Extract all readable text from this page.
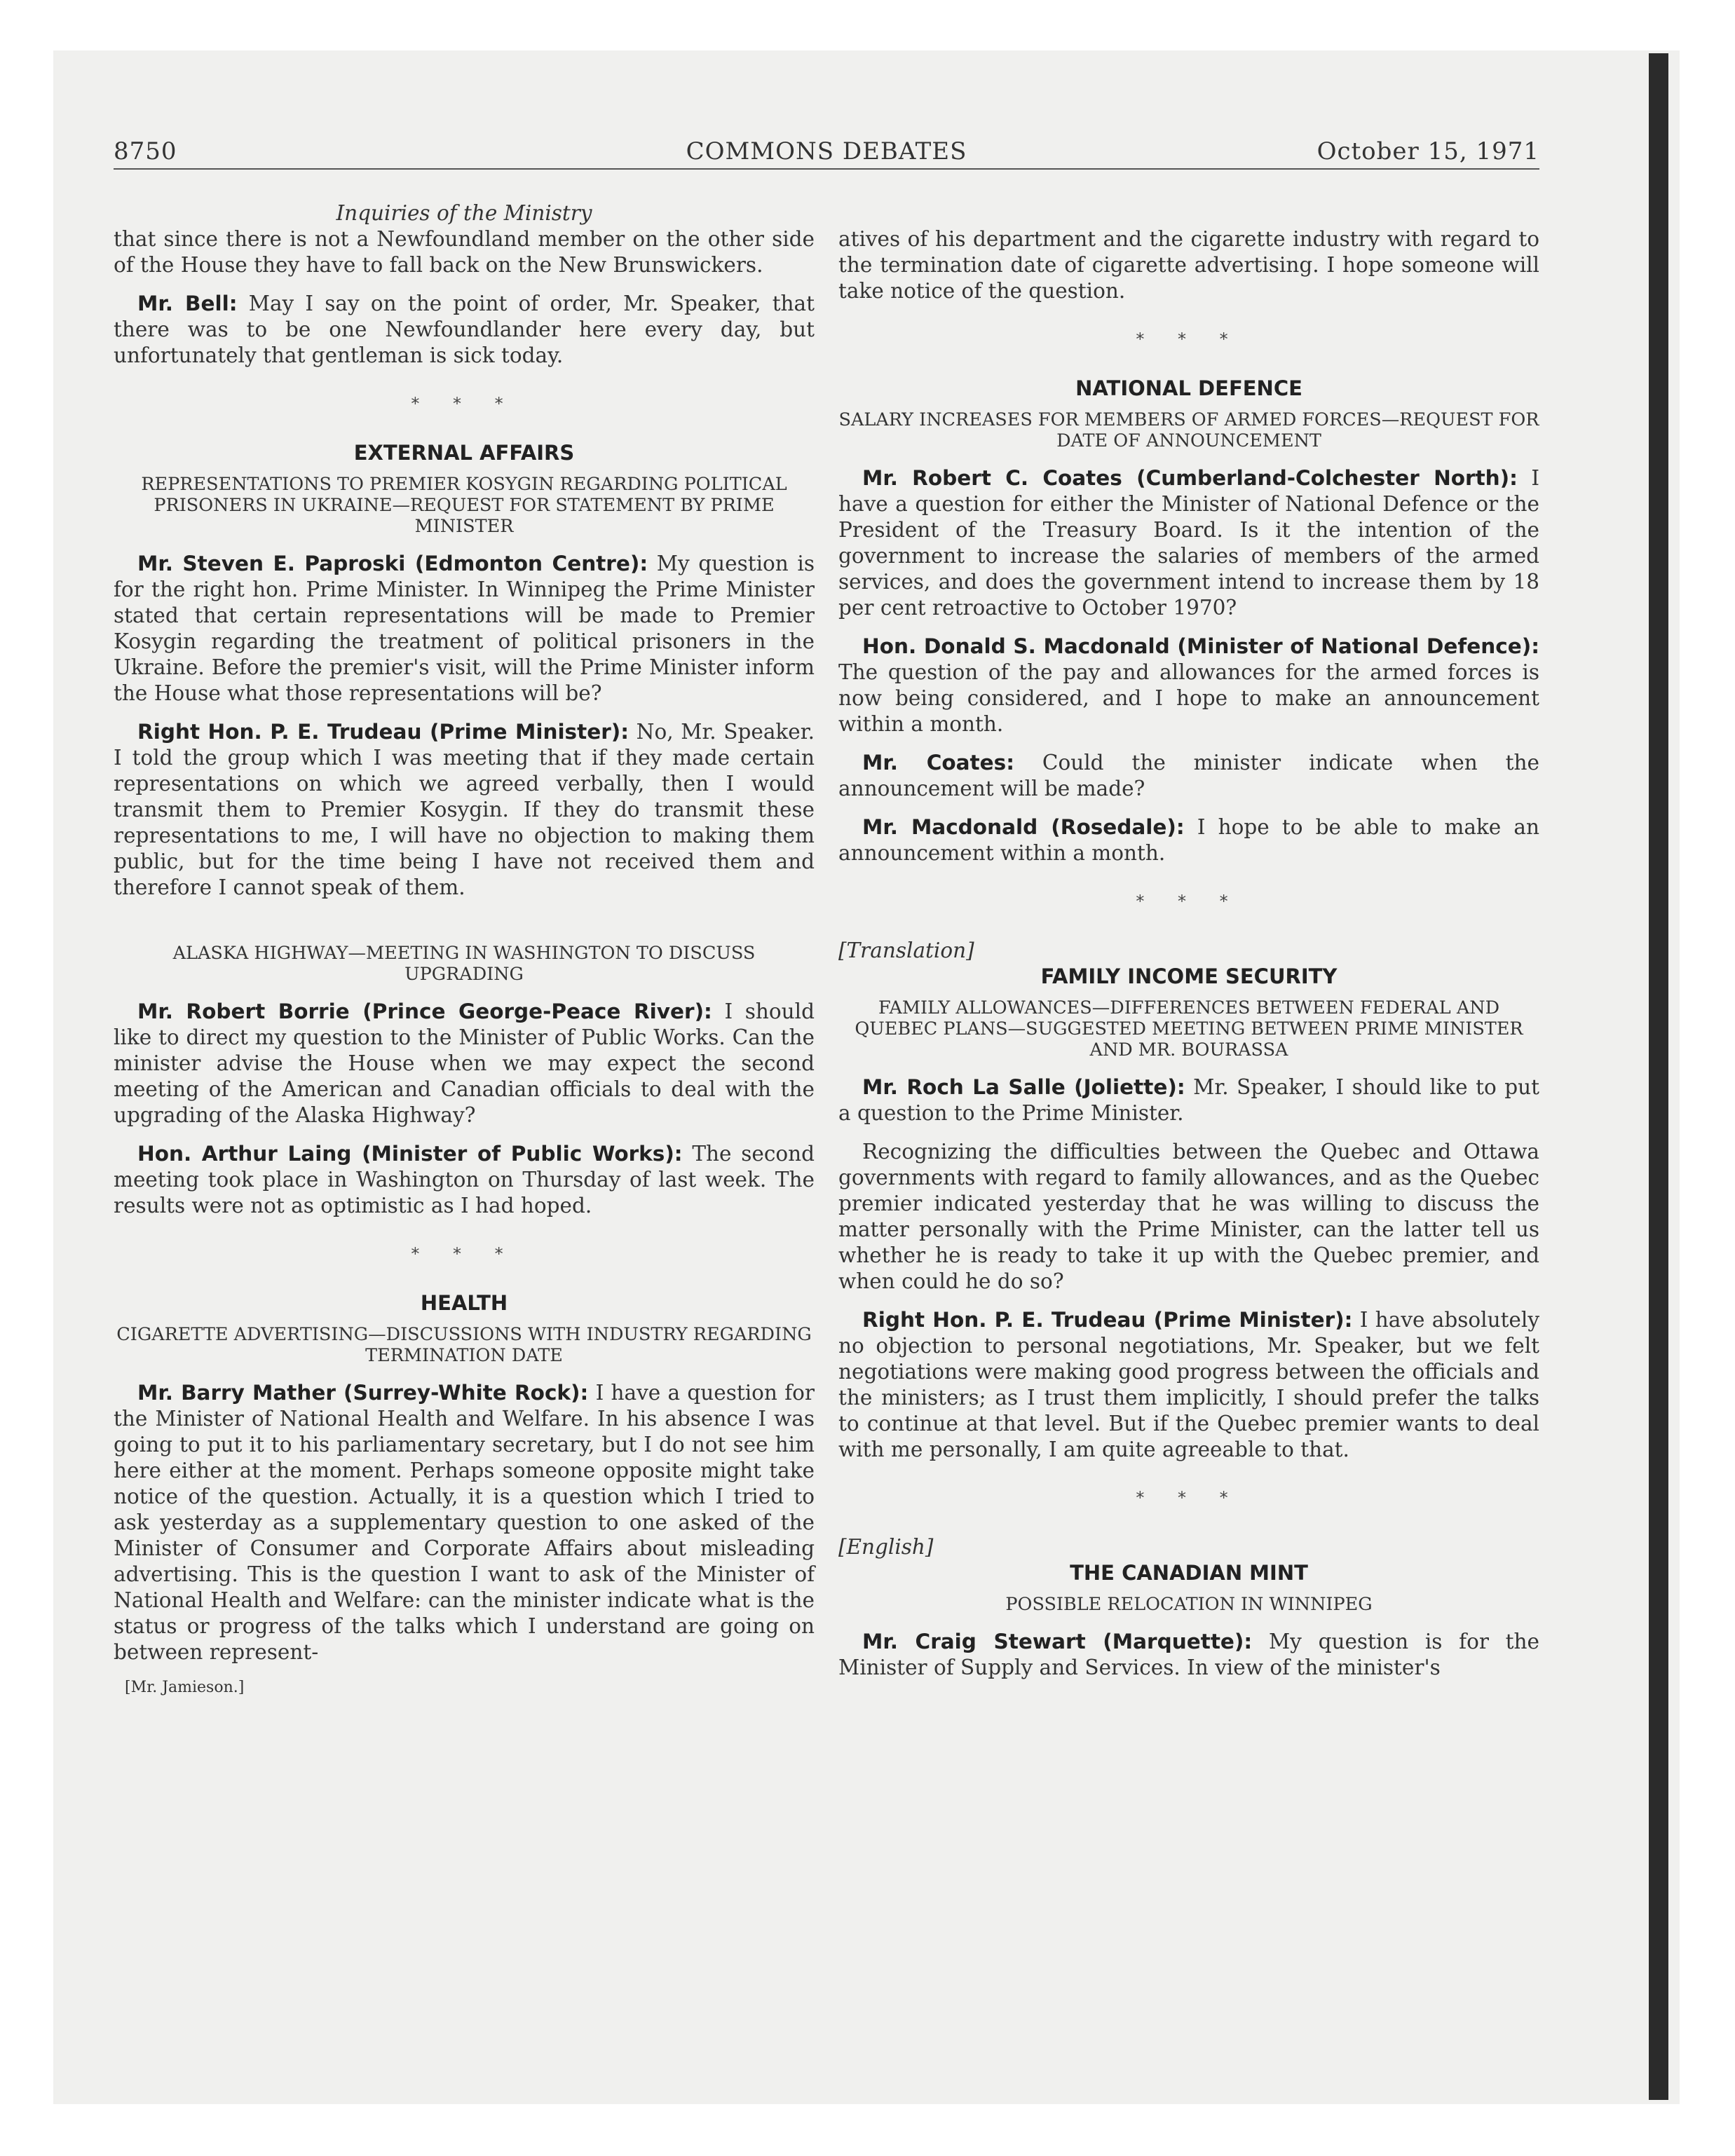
8750	COMMONS DEBATES	October 15, 1971
Inquiries of the Ministry

that since there is not a Newfoundland member on the other side of the House they have to fall back on the New Brunswickers.

Mr. Bell: May I say on the point of order, Mr. Speaker, that there was to be one Newfoundlander here every day, but unfortunately that gentleman is sick today.

* * *
EXTERNAL AFFAIRS
REPRESENTATIONS TO PREMIER KOSYGIN REGARDING POLITICAL PRISONERS IN UKRAINE—REQUEST FOR STATEMENT BY PRIME MINISTER

Mr. Steven E. Paproski (Edmonton Centre): My question is for the right hon. Prime Minister. In Winnipeg the Prime Minister stated that certain representations will be made to Premier Kosygin regarding the treatment of political prisoners in the Ukraine. Before the premier's visit, will the Prime Minister inform the House what those representations will be?

Right Hon. P. E. Trudeau (Prime Minister): No, Mr. Speaker. I told the group which I was meeting that if they made certain representations on which we agreed verbally, then I would transmit them to Premier Kosygin. If they do transmit these representations to me, I will have no objection to making them public, but for the time being I have not received them and therefore I cannot speak of them.

ALASKA HIGHWAY—MEETING IN WASHINGTON TO DISCUSS UPGRADING

Mr. Robert Borrie (Prince George-Peace River): I should like to direct my question to the Minister of Public Works. Can the minister advise the House when we may expect the second meeting of the American and Canadian officials to deal with the upgrading of the Alaska Highway?

Hon. Arthur Laing (Minister of Public Works): The second meeting took place in Washington on Thursday of last week. The results were not as optimistic as I had hoped.

* * *
HEALTH
CIGARETTE ADVERTISING—DISCUSSIONS WITH INDUSTRY REGARDING TERMINATION DATE

Mr. Barry Mather (Surrey-White Rock): I have a question for the Minister of National Health and Welfare. In his absence I was going to put it to his parliamentary secretary, but I do not see him here either at the moment. Perhaps someone opposite might take notice of the question. Actually, it is a question which I tried to ask yesterday as a supplementary question to one asked of the Minister of Consumer and Corporate Affairs about misleading advertising. This is the question I want to ask of the Minister of National Health and Welfare: can the minister indicate what is the status or progress of the talks which I understand are going on between represent-

[Mr. Jamieson.]

atives of his department and the cigarette industry with regard to the termination date of cigarette advertising. I hope someone will take notice of the question.

* * *
NATIONAL DEFENCE
SALARY INCREASES FOR MEMBERS OF ARMED FORCES—REQUEST FOR DATE OF ANNOUNCEMENT

Mr. Robert C. Coates (Cumberland-Colchester North): I have a question for either the Minister of National Defence or the President of the Treasury Board. Is it the intention of the government to increase the salaries of members of the armed services, and does the government intend to increase them by 18 per cent retroactive to October 1970?

Hon. Donald S. Macdonald (Minister of National Defence): The question of the pay and allowances for the armed forces is now being considered, and I hope to make an announcement within a month.

Mr. Coates: Could the minister indicate when the announcement will be made?

Mr. Macdonald (Rosedale): I hope to be able to make an announcement within a month.

* * *
[Translation]
FAMILY INCOME SECURITY
FAMILY ALLOWANCES—DIFFERENCES BETWEEN FEDERAL AND QUEBEC PLANS—SUGGESTED MEETING BETWEEN PRIME MINISTER AND MR. BOURASSA

Mr. Roch La Salle (Joliette): Mr. Speaker, I should like to put a question to the Prime Minister.

Recognizing the difficulties between the Quebec and Ottawa governments with regard to family allowances, and as the Quebec premier indicated yesterday that he was willing to discuss the matter personally with the Prime Minister, can the latter tell us whether he is ready to take it up with the Quebec premier, and when could he do so?

Right Hon. P. E. Trudeau (Prime Minister): I have absolutely no objection to personal negotiations, Mr. Speaker, but we felt negotiations were making good progress between the officials and the ministers; as I trust them implicitly, I should prefer the talks to continue at that level. But if the Quebec premier wants to deal with me personally, I am quite agreeable to that.

* * *
[English]
THE CANADIAN MINT
POSSIBLE RELOCATION IN WINNIPEG

Mr. Craig Stewart (Marquette): My question is for the Minister of Supply and Services. In view of the minister's
